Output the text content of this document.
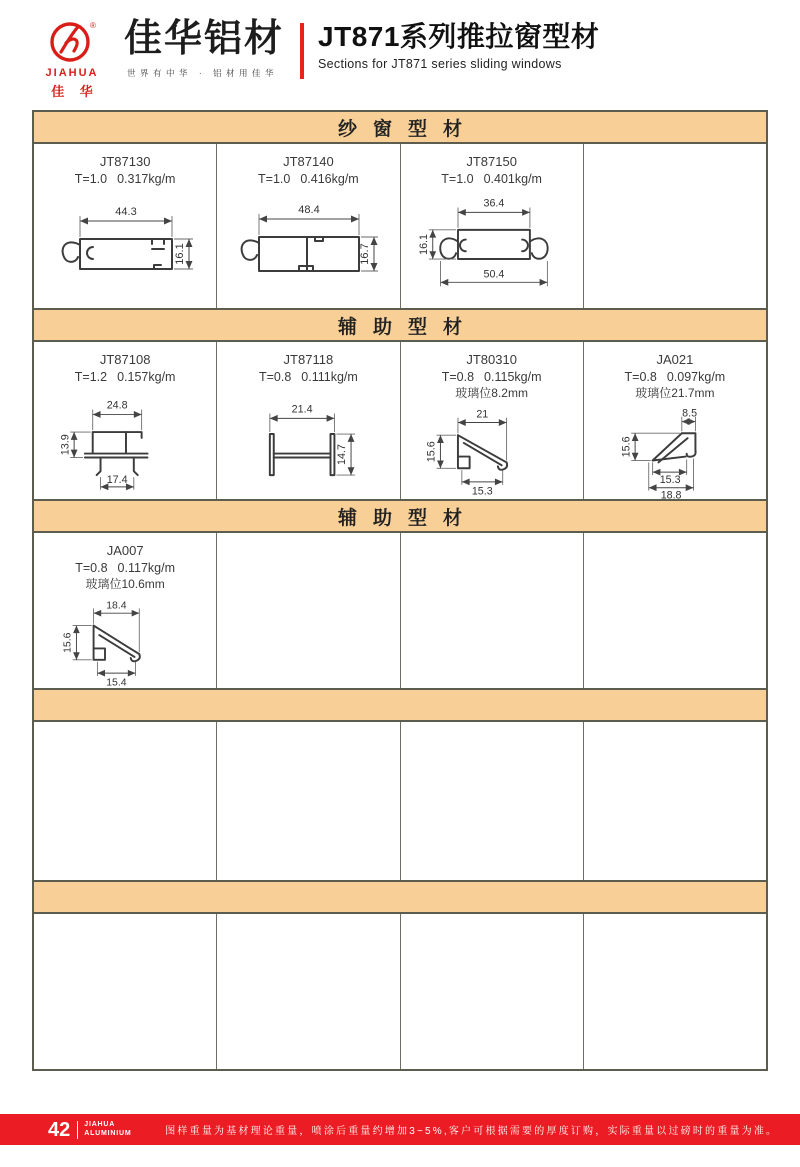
®
JIAHUA
佳 华
佳华铝材
世界有中华 · 铝材用佳华
JT871系列推拉窗型材
Sections for JT871 series sliding windows
纱窗型材
JT87130
T=1.0 0.317kg/m
44.3
16.1
JT87140
T=1.0 0.416kg/m
48.4
16.7
JT87150
T=1.0 0.401kg/m
36.4
16.1
50.4
辅助型材
JT87108
T=1.2 0.157kg/m
24.8
13.9
17.4
JT87118
T=0.8 0.111kg/m
21.4
14.7
JT80310
T=0.8 0.115kg/m
玻璃位8.2mm
21
15.6
15.3
JA021
T=0.8 0.097kg/m
玻璃位21.7mm
8.5
15.6
15.3
18.8
辅助型材
JA007
T=0.8 0.117kg/m
玻璃位10.6mm
18.4
15.6
15.4
42 JIAHUA
ALUMINIUM	图样重量为基材理论重量，喷涂后重量约增加3~5%,客户可根据需要的厚度订购，实际重量以过磅时的重量为准。
